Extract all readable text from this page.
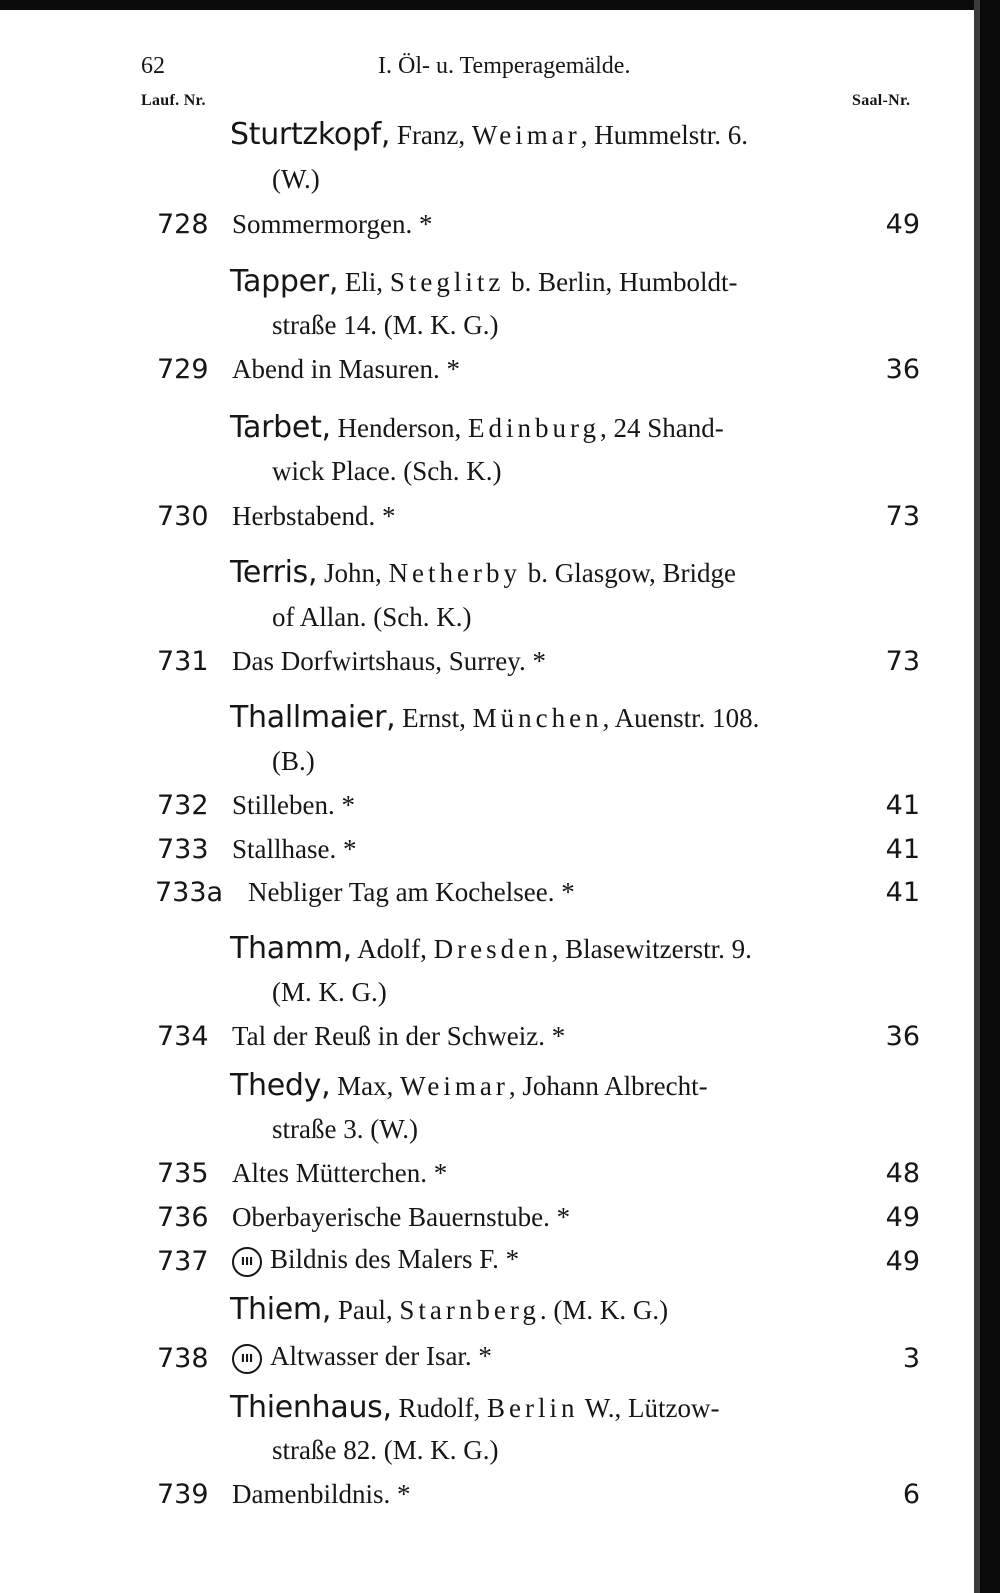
62	I. Öl- u. Temperagemälde.
Lauf. Nr.	Saal-Nr.
Sturtzkopf, Franz, Weimar, Hummelstr. 6.
(W.)
728 Sommermorgen. *	49
Tapper, Eli, Steglitz b. Berlin, Humboldt-
straße 14. (M. K. G.)
729 Abend in Masuren. *	36
Tarbet, Henderson, Edinburg, 24 Shand-
wick Place. (Sch. K.)
730 Herbstabend. *	73
Terris, John, Netherby b. Glasgow, Bridge
of Allan. (Sch. K.)
731 Das Dorfwirtshaus, Surrey. *	73
Thallmaier, Ernst, München, Auenstr. 108.
(B.)
732 Stilleben. *	41
733 Stallhase. *	41
733a Nebliger Tag am Kochelsee. *	41
Thamm, Adolf, Dresden, Blasewitzerstr. 9.
(M. K. G.)
734 Tal der Reuß in der Schweiz. *	36
Thedy, Max, Weimar, Johann Albrecht-
straße 3. (W.)
735 Altes Mütterchen. *	48
736 Oberbayerische Bauernstube. *	49
737	III Bildnis des Malers F. *	49
Thiem, Paul, Starnberg. (M. K. G.)
738	III Altwasser der Isar. *	3
Thienhaus, Rudolf, Berlin W., Lützow-
straße 82. (M. K. G.)
739 Damenbildnis. *	6
